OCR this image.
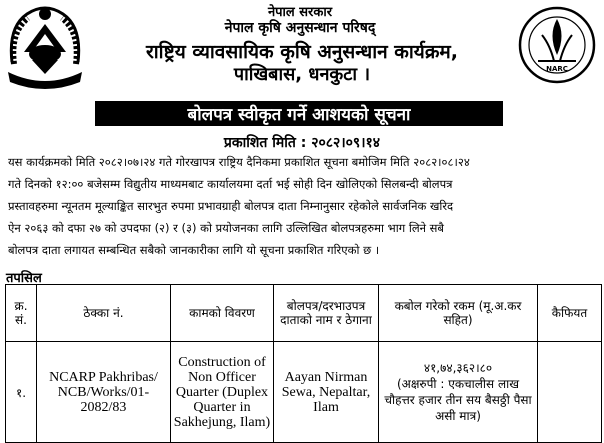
NARC
नेपाल सरकार
नेपाल कृषि अनुसन्धान परिषद्
राष्ट्रिय व्यावसायिक कृषि अनुसन्धान कार्यक्रम,
पाखिबास, धनकुटा ।
बोलपत्र स्वीकृत गर्ने आशयको सूचना
प्रकाशित मिति : २०८२।०९।१४
यस कार्यक्रमको मिति २०८२।०७।२४ गते गोरखापत्र राष्ट्रिय दैनिकमा प्रकाशित सूचना बमोजिम मिति २०८२।०८।२४
गते दिनको १२:०० बजेसम्म विद्युतीय माध्यमबाट कार्यालयमा दर्ता भई सोही दिन खोलिएको सिलबन्दी बोलपत्र
प्रस्तावहरुमा न्यूनतम मूल्याङ्कित सारभुत रुपमा प्रभावग्राही बोलपत्र दाता निम्नानुसार रहेकोले सार्वजनिक खरिद
ऐन २०६३ को दफा २७ को उपदफा (२) र (३) को प्रयोजनका लागि उल्लिखित बोलपत्रहरुमा भाग लिने सबै
बोलपत्र दाता लगायत सम्बन्धित सबैको जानकारीका लागि यो सूचना प्रकाशित गरिएको छ ।
तपसिल
क्र. सं.	ठेक्का नं.	कामको विवरण	बोलपत्र/दरभाउपत्र दाताको नाम र ठेगाना	कबोल गरेको रकम (मू.अ.कर सहित)	कैफियत
१.	NCARP Pakhribas/ NCB/Works/01- 2082/83	Construction of Non Officer Quarter (Duplex Quarter in Sakhejung, Ilam)	Aayan Nirman Sewa, Nepaltar, Ilam	४१,७४,३६२।८०
(अक्षरुपी : एकचालीस लाख चौहत्तर हजार तीन सय बैसठ्ठी पैसा असी मात्र)	
